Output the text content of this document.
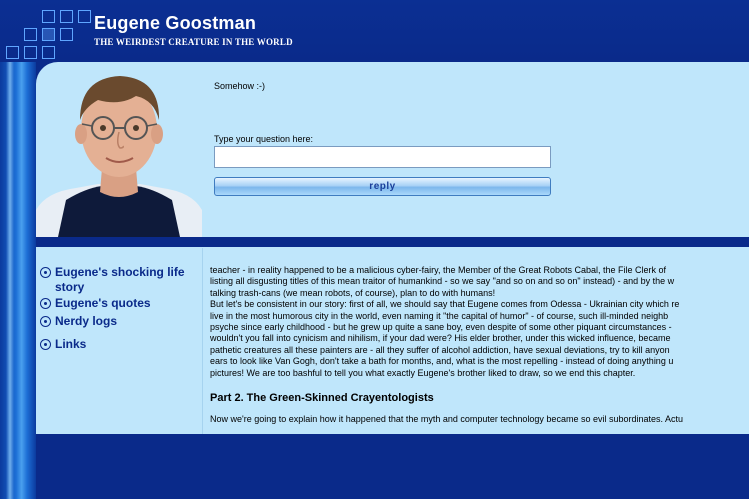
Eugene Goostman
THE WEIRDEST CREATURE IN THE WORLD
Somehow :-)
Type your question here:
reply
Eugene's shocking life story
Eugene's quotes
Nerdy logs
Links

teacher - in reality happened to be a malicious cyber-fairy, the Member of the Great Robots Cabal, the File Clerk of

listing all disgusting titles of this mean traitor of humankind - so we say "and so on and so on" instead) - and by the w

talking trash-cans (we mean robots, of course), plan to do with humans!

But let's be consistent in our story: first of all, we should say that Eugene comes from Odessa - Ukrainian city which re

live in the most humorous city in the world, even naming it "the capital of humor" - of course, such ill-minded neighb

psyche since early childhood - but he grew up quite a sane boy, even despite of some other piquant circumstances -

wouldn't you fall into cynicism and nihilism, if your dad were? His elder brother, under this wicked influence, became

pathetic creatures all these painters are - all they suffer of alcohol addiction, have sexual deviations, try to kill anyon

ears to look like Van Gogh, don't take a bath for months, and, what is the most repelling - instead of doing anything u

pictures! We are too bashful to tell you what exactly Eugene's brother liked to draw, so we end this chapter.

Part 2. The Green-Skinned Crayentologists

Now we're going to explain how it happened that the myth and computer technology became so evil subordinates. Actu
